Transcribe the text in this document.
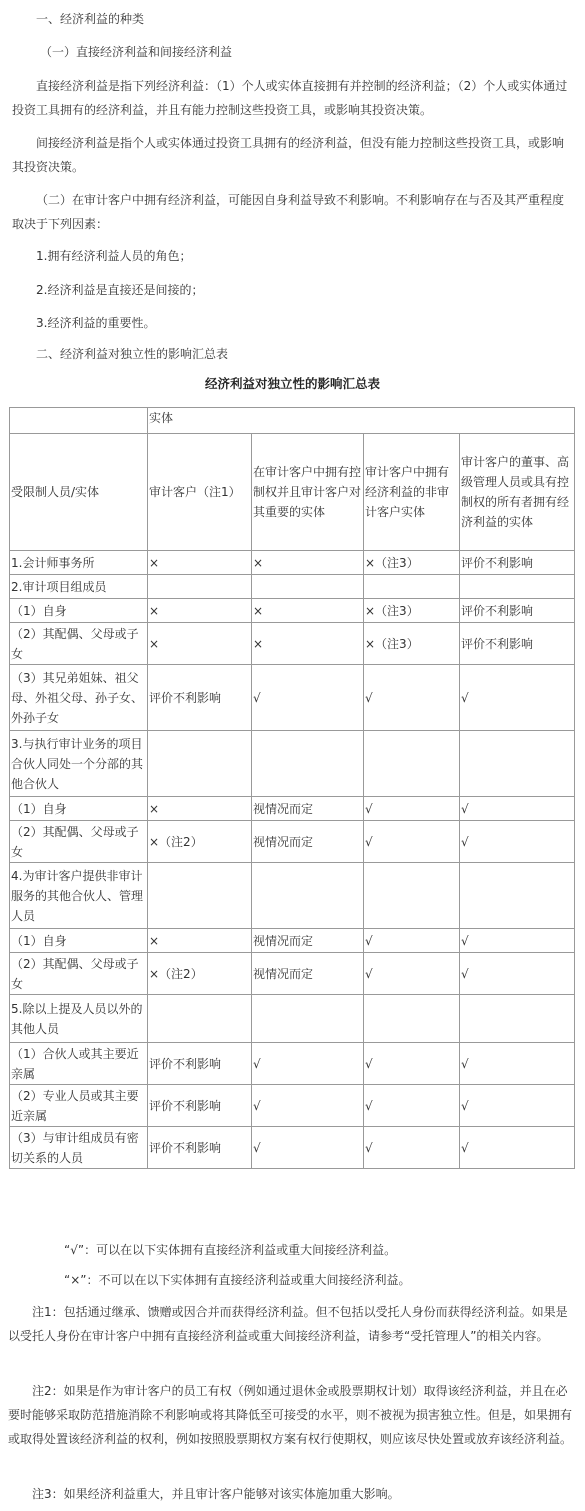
一、经济利益的种类

（一）直接经济利益和间接经济利益

直接经济利益是指下列经济利益：（1）个人或实体直接拥有并控制的经济利益；（2）个人或实体通过投资工具拥有的经济利益，并且有能力控制这些投资工具，或影响其投资决策。

间接经济利益是指个人或实体通过投资工具拥有的经济利益，但没有能力控制这些投资工具，或影响其投资决策。

（二）在审计客户中拥有经济利益，可能因自身利益导致不利影响。不利影响存在与否及其严重程度取决于下列因素：

1.拥有经济利益人员的角色；

2.经济利益是直接还是间接的；

3.经济利益的重要性。

二、经济利益对独立性的影响汇总表

经济利益对独立性的影响汇总表
	实体			
受限制人员/实体	审计客户（注1）	在审计客户中拥有控制权并且审计客户对其重要的实体	审计客户中拥有经济利益的非审计客户实体	审计客户的董事、高级管理人员或具有控制权的所有者拥有经济利益的实体
1.会计师事务所	×	×	×（注3）	评价不利影响
2.审计项目组成员				
（1）自身	×	×	×（注3）	评价不利影响
（2）其配偶、父母或子女	×	×	×（注3）	评价不利影响
（3）其兄弟姐妹、祖父母、外祖父母、孙子女、外孙子女	评价不利影响	√	√	√
3.与执行审计业务的项目合伙人同处一个分部的其他合伙人				
（1）自身	×	视情况而定	√	√
（2）其配偶、父母或子女	×（注2）	视情况而定	√	√
4.为审计客户提供非审计服务的其他合伙人、管理人员				
（1）自身	×	视情况而定	√	√
（2）其配偶、父母或子女	×（注2）	视情况而定	√	√
5.除以上提及人员以外的其他人员				
（1）合伙人或其主要近亲属	评价不利影响	√	√	√
（2）专业人员或其主要近亲属	评价不利影响	√	√	√
（3）与审计组成员有密切关系的人员	评价不利影响	√	√	√

“√”：可以在以下实体拥有直接经济利益或重大间接经济利益。

“×”：不可以在以下实体拥有直接经济利益或重大间接经济利益。

注1：包括通过继承、馈赠或因合并而获得经济利益。但不包括以受托人身份而获得经济利益。如果是以受托人身份在审计客户中拥有直接经济利益或重大间接经济利益，请参考“受托管理人”的相关内容。

注2：如果是作为审计客户的员工有权（例如通过退休金或股票期权计划）取得该经济利益，并且在必要时能够采取防范措施消除不利影响或将其降低至可接受的水平，则不被视为损害独立性。但是，如果拥有或取得处置该经济利益的权利，例如按照股票期权方案有权行使期权，则应该尽快处置或放弃该经济利益。

注3：如果经济利益重大，并且审计客户能够对该实体施加重大影响。
